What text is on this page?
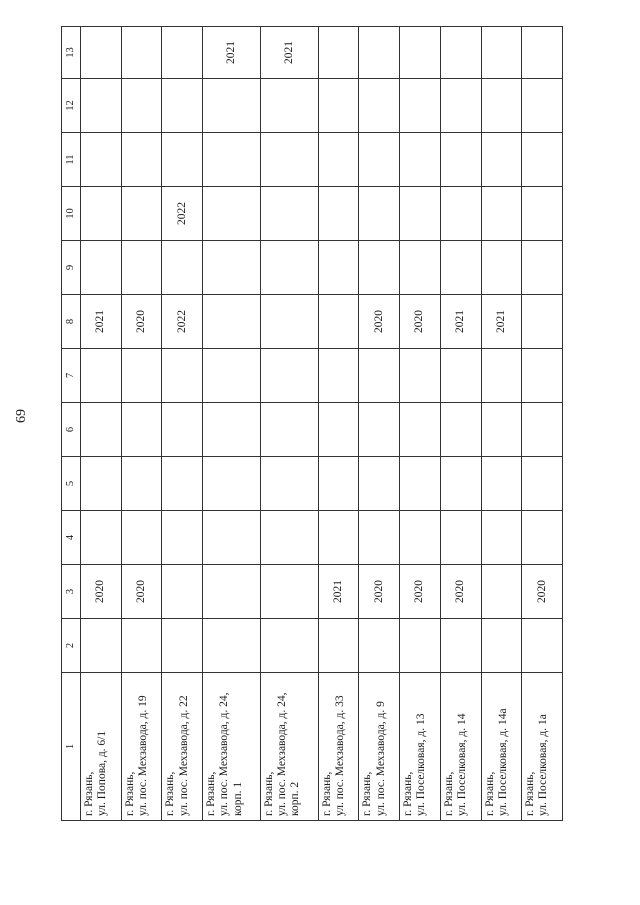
69
1	2	3	4	5	6	7	8	9	10	11	12	13

г. Рязань, ул. Попова, д. 6/1		2020					2021					

г. Рязань, ул. пос. Мехзавода, д. 19		2020					2020					

г. Рязань, ул. пос. Мехзавода, д. 22							2022		2022			

г. Рязань, ул. пос. Мехзавода, д. 24, корп. 1												2021

г. Рязань, ул. пос. Мехзавода, д. 24, корп. 2												2021

г. Рязань, ул. пос. Мехзавода, д. 33		2021										

г. Рязань, ул. пос. Мехзавода, д. 9		2020					2020					

г. Рязань, ул. Поселковая, д. 13		2020					2020					

г. Рязань, ул. Поселковая, д. 14		2020					2021					

г. Рязань, ул. Поселковая, д. 14а							2021					

г. Рязань, ул. Поселковая, д. 1а		2020										
